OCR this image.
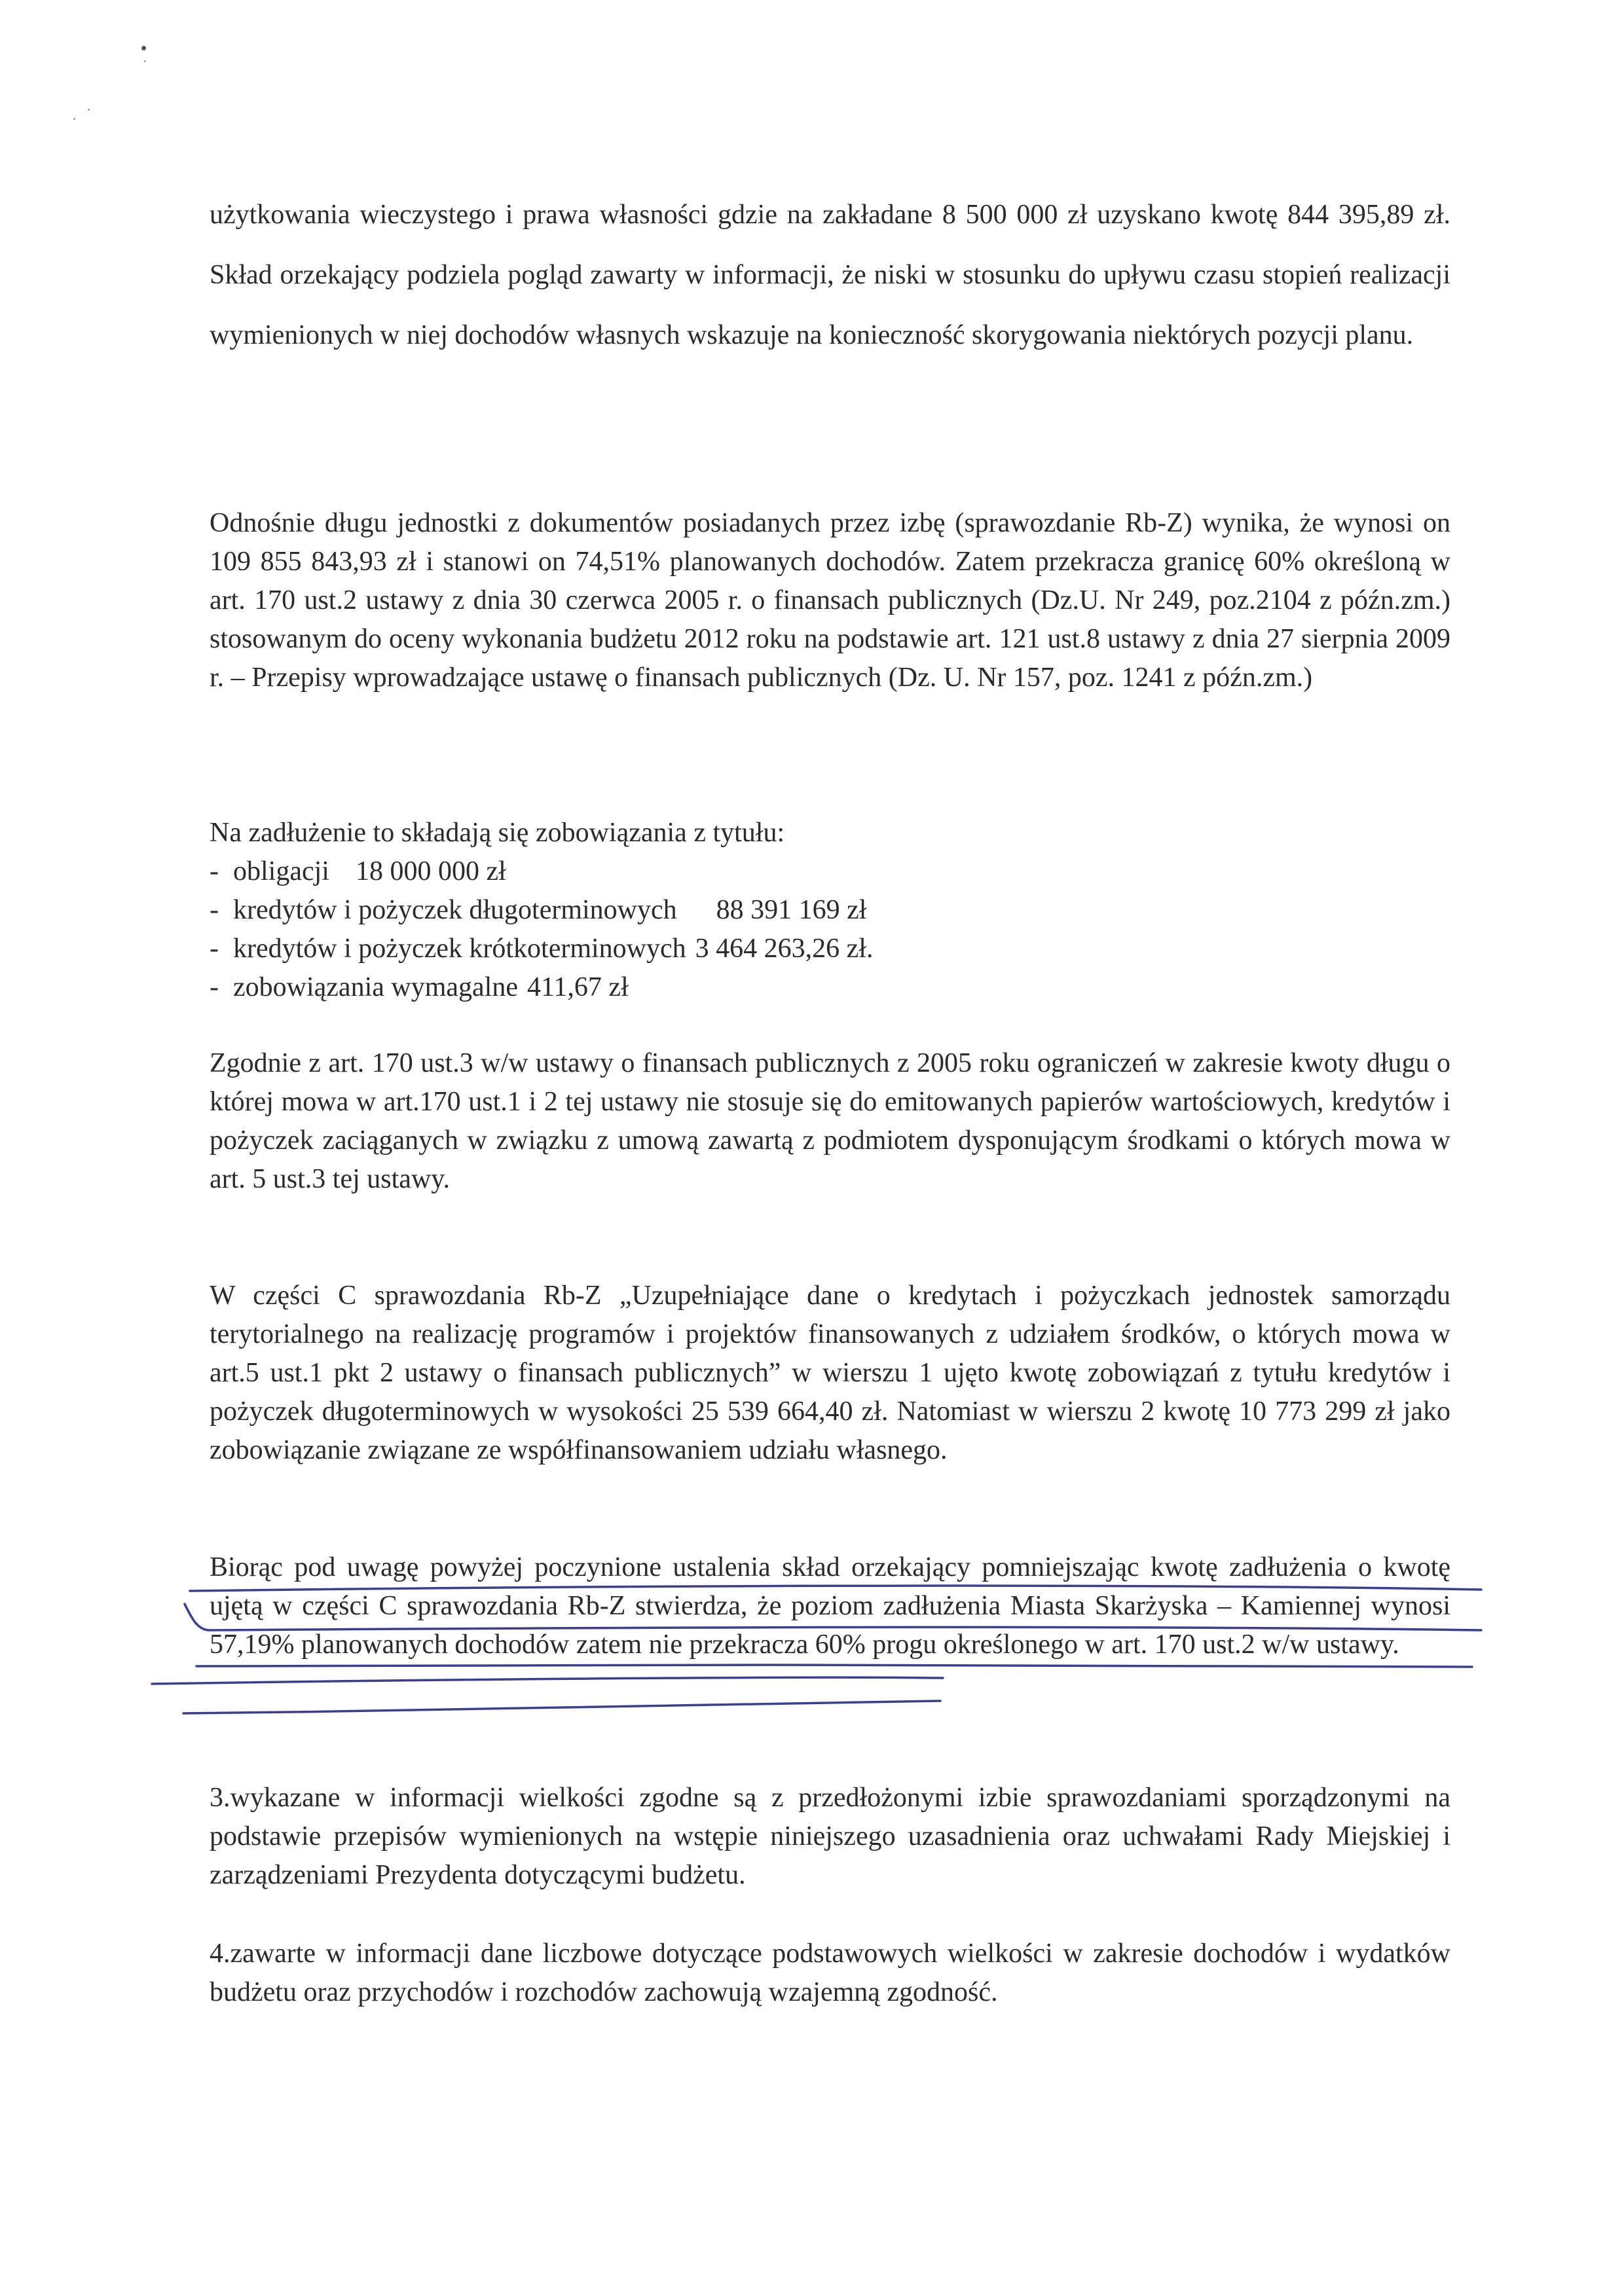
użytkowania wieczystego i prawa własności gdzie na zakładane 8 500 000 zł uzyskano kwotę 844 395,89 zł. Skład orzekający podziela pogląd zawarty w informacji, że niski w stosunku do upływu czasu stopień realizacji wymienionych w niej dochodów własnych wskazuje na konieczność skorygowania niektórych pozycji planu.

Odnośnie długu jednostki z dokumentów posiadanych przez izbę (sprawozdanie Rb-Z) wynika, że wynosi on 109 855 843,93 zł i stanowi on 74,51% planowanych dochodów. Zatem przekracza granicę 60% określoną w art. 170 ust.2 ustawy z dnia 30 czerwca 2005 r. o finansach publicznych (Dz.U. Nr 249, poz.2104 z późn.zm.) stosowanym do oceny wykonania budżetu 2012 roku na podstawie art. 121 ust.8 ustawy z dnia 27 sierpnia 2009 r. – Przepisy wprowadzające ustawę o finansach publicznych (Dz. U. Nr 157, poz. 1241 z późn.zm.)

Na zadłużenie to składają się zobowiązania z tytułu:

- obligacji 18 000 000 zł
- kredytów i pożyczek długoterminowych 88 391 169 zł
- kredytów i pożyczek krótkoterminowych 3 464 263,26 zł.
- zobowiązania wymagalne 411,67 zł

Zgodnie z art. 170 ust.3 w/w ustawy o finansach publicznych z 2005 roku ograniczeń w zakresie kwoty długu o której mowa w art.170 ust.1 i 2 tej ustawy nie stosuje się do emitowanych papierów wartościowych, kredytów i pożyczek zaciąganych w związku z umową zawartą z podmiotem dysponującym środkami o których mowa w art. 5 ust.3 tej ustawy.

W części C sprawozdania Rb-Z „Uzupełniające dane o kredytach i pożyczkach jednostek samorządu terytorialnego na realizację programów i projektów finansowanych z udziałem środków, o których mowa w art.5 ust.1 pkt 2 ustawy o finansach publicznych” w wierszu 1 ujęto kwotę zobowiązań z tytułu kredytów i pożyczek długoterminowych w wysokości 25 539 664,40 zł. Natomiast w wierszu 2 kwotę 10 773 299 zł jako zobowiązanie związane ze współfinansowaniem udziału własnego.

Biorąc pod uwagę powyżej poczynione ustalenia skład orzekający pomniejszając kwotę zadłużenia o kwotę ujętą w części C sprawozdania Rb-Z stwierdza, że poziom zadłużenia Miasta Skarżyska – Kamiennej wynosi 57,19% planowanych dochodów zatem nie przekracza 60% progu określonego w art. 170 ust.2 w/w ustawy.

3.wykazane w informacji wielkości zgodne są z przedłożonymi izbie sprawozdaniami sporządzonymi na podstawie przepisów wymienionych na wstępie niniejszego uzasadnienia oraz uchwałami Rady Miejskiej i zarządzeniami Prezydenta dotyczącymi budżetu.

4.zawarte w informacji dane liczbowe dotyczące podstawowych wielkości w zakresie dochodów i wydatków budżetu oraz przychodów i rozchodów zachowują wzajemną zgodność.
